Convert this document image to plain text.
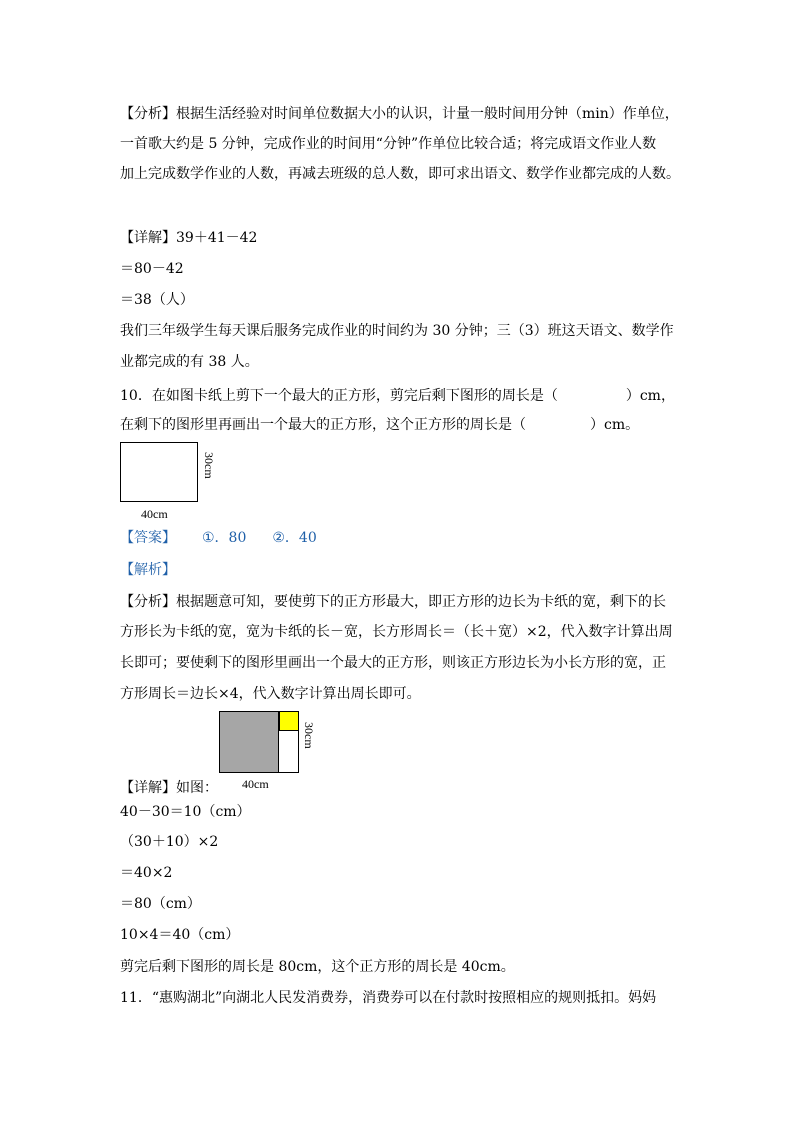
【分析】根据生活经验对时间单位数据大小的认识，计量一般时间用分钟（min）作单位，
一首歌大约是 5 分钟，完成作业的时间用“分钟”作单位比较合适；将完成语文作业人数
加上完成数学作业的人数，再减去班级的总人数，即可求出语文、数学作业都完成的人数。
【详解】39＋41－42
＝80－42
＝38（人）
我们三年级学生每天课后服务完成作业的时间约为 30 分钟；三（3）班这天语文、数学作
业都完成的有 38 人。
10．在如图卡纸上剪下一个最大的正方形，剪完后剩下图形的周长是（	）cm，
在剩下的图形里再画出一个最大的正方形，这个正方形的周长是（	）cm。
30cm
40cm
【答案】 ①．80 ②．40
【解析】
【分析】根据题意可知，要使剪下的正方形最大，即正方形的边长为卡纸的宽，剩下的长
方形长为卡纸的宽，宽为卡纸的长－宽，长方形周长＝（长＋宽）×2，代入数字计算出周
长即可；要使剩下的图形里画出一个最大的正方形，则该正方形边长为小长方形的宽，正
方形周长＝边长×4，代入数字计算出周长即可。
30cm
40cm
【详解】如图：
40－30＝10（cm）
（30＋10）×2
＝40×2
＝80（cm）
10×4＝40（cm）
剪完后剩下图形的周长是 80cm，这个正方形的周长是 40cm。
11．“惠购湖北”向湖北人民发消费券，消费券可以在付款时按照相应的规则抵扣。妈妈
